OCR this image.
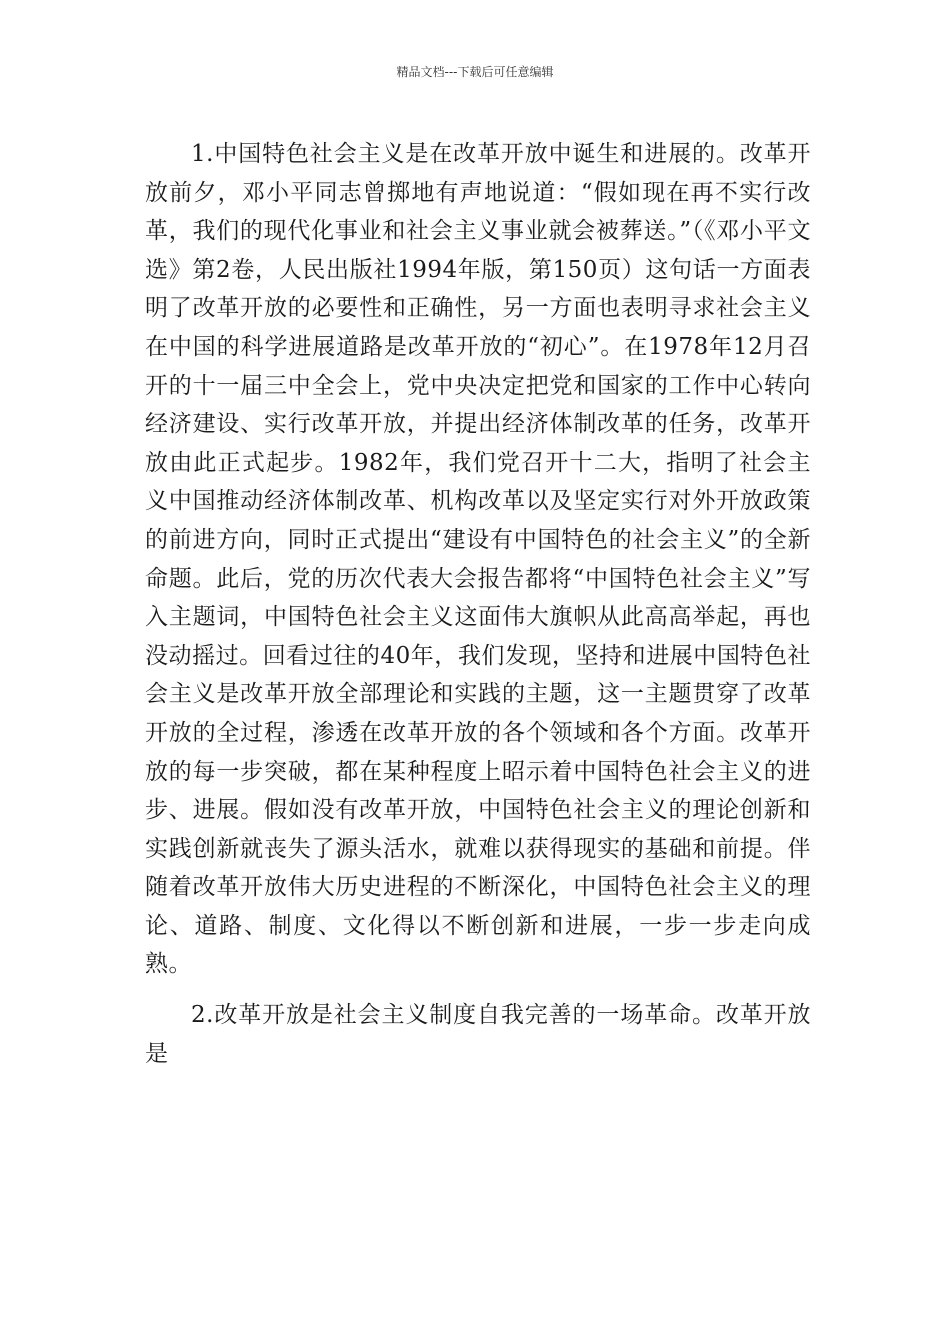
精品文档---下载后可任意编辑

1.中国特色社会主义是在改革开放中诞生和进展的。改革开放前夕，邓小平同志曾掷地有声地说道：“假如现在再不实行改革，我们的现代化事业和社会主义事业就会被葬送。”（《邓小平文选》第2卷，人民出版社1994年版，第150页）这句话一方面表明了改革开放的必要性和正确性，另一方面也表明寻求社会主义在中国的科学进展道路是改革开放的“初心”。在1978年12月召开的十一届三中全会上，党中央决定把党和国家的工作中心转向经济建设、实行改革开放，并提出经济体制改革的任务，改革开放由此正式起步。1982年，我们党召开十二大，指明了社会主义中国推动经济体制改革、机构改革以及坚定实行对外开放政策的前进方向，同时正式提出“建设有中国特色的社会主义”的全新命题。此后，党的历次代表大会报告都将“中国特色社会主义”写入主题词，中国特色社会主义这面伟大旗帜从此高高举起，再也没动摇过。回看过往的40年，我们发现，坚持和进展中国特色社会主义是改革开放全部理论和实践的主题，这一主题贯穿了改革开放的全过程，渗透在改革开放的各个领域和各个方面。改革开放的每一步突破，都在某种程度上昭示着中国特色社会主义的进步、进展。假如没有改革开放，中国特色社会主义的理论创新和实践创新就丧失了源头活水，就难以获得现实的基础和前提。伴随着改革开放伟大历史进程的不断深化，中国特色社会主义的理论、道路、制度、文化得以不断创新和进展，一步一步走向成熟。

2.改革开放是社会主义制度自我完善的一场革命。改革开放是
